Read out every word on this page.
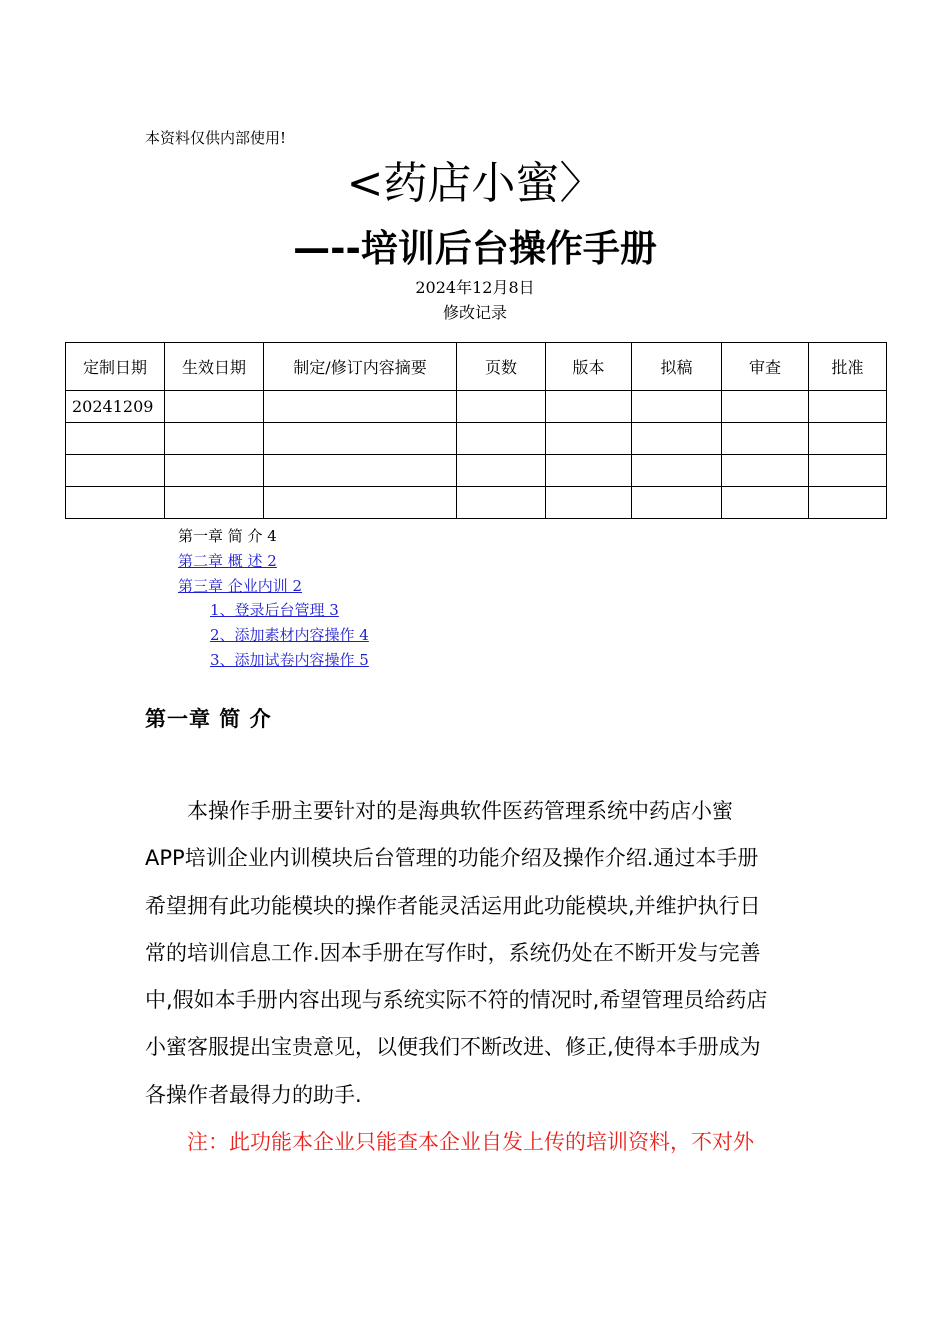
本资料仅供内部使用!
<药店小蜜〉
—--培训后台操作手册
2024年12月8日
修改记录
定制日期	生效日期	制定/修订内容摘要	页数	版本	拟稿	审查	批准
20241209							

第一章 简 介 4
第二章 概 述 2
第三章 企业内训 2
1、登录后台管理 3
2、添加素材内容操作 4
3、添加试卷内容操作 5
第一章 简 介

本操作手册主要针对的是海典软件医药管理系统中药店小蜜
APP培训企业内训模块后台管理的功能介绍及操作介绍.通过本手册
希望拥有此功能模块的操作者能灵活运用此功能模块,并维护执行日
常的培训信息工作.因本手册在写作时，系统仍处在不断开发与完善
中,假如本手册内容出现与系统实际不符的情况时,希望管理员给药店
小蜜客服提出宝贵意见，以便我们不断改进、修正,使得本手册成为
各操作者最得力的助手.

注：此功能本企业只能查本企业自发上传的培训资料，不对外
